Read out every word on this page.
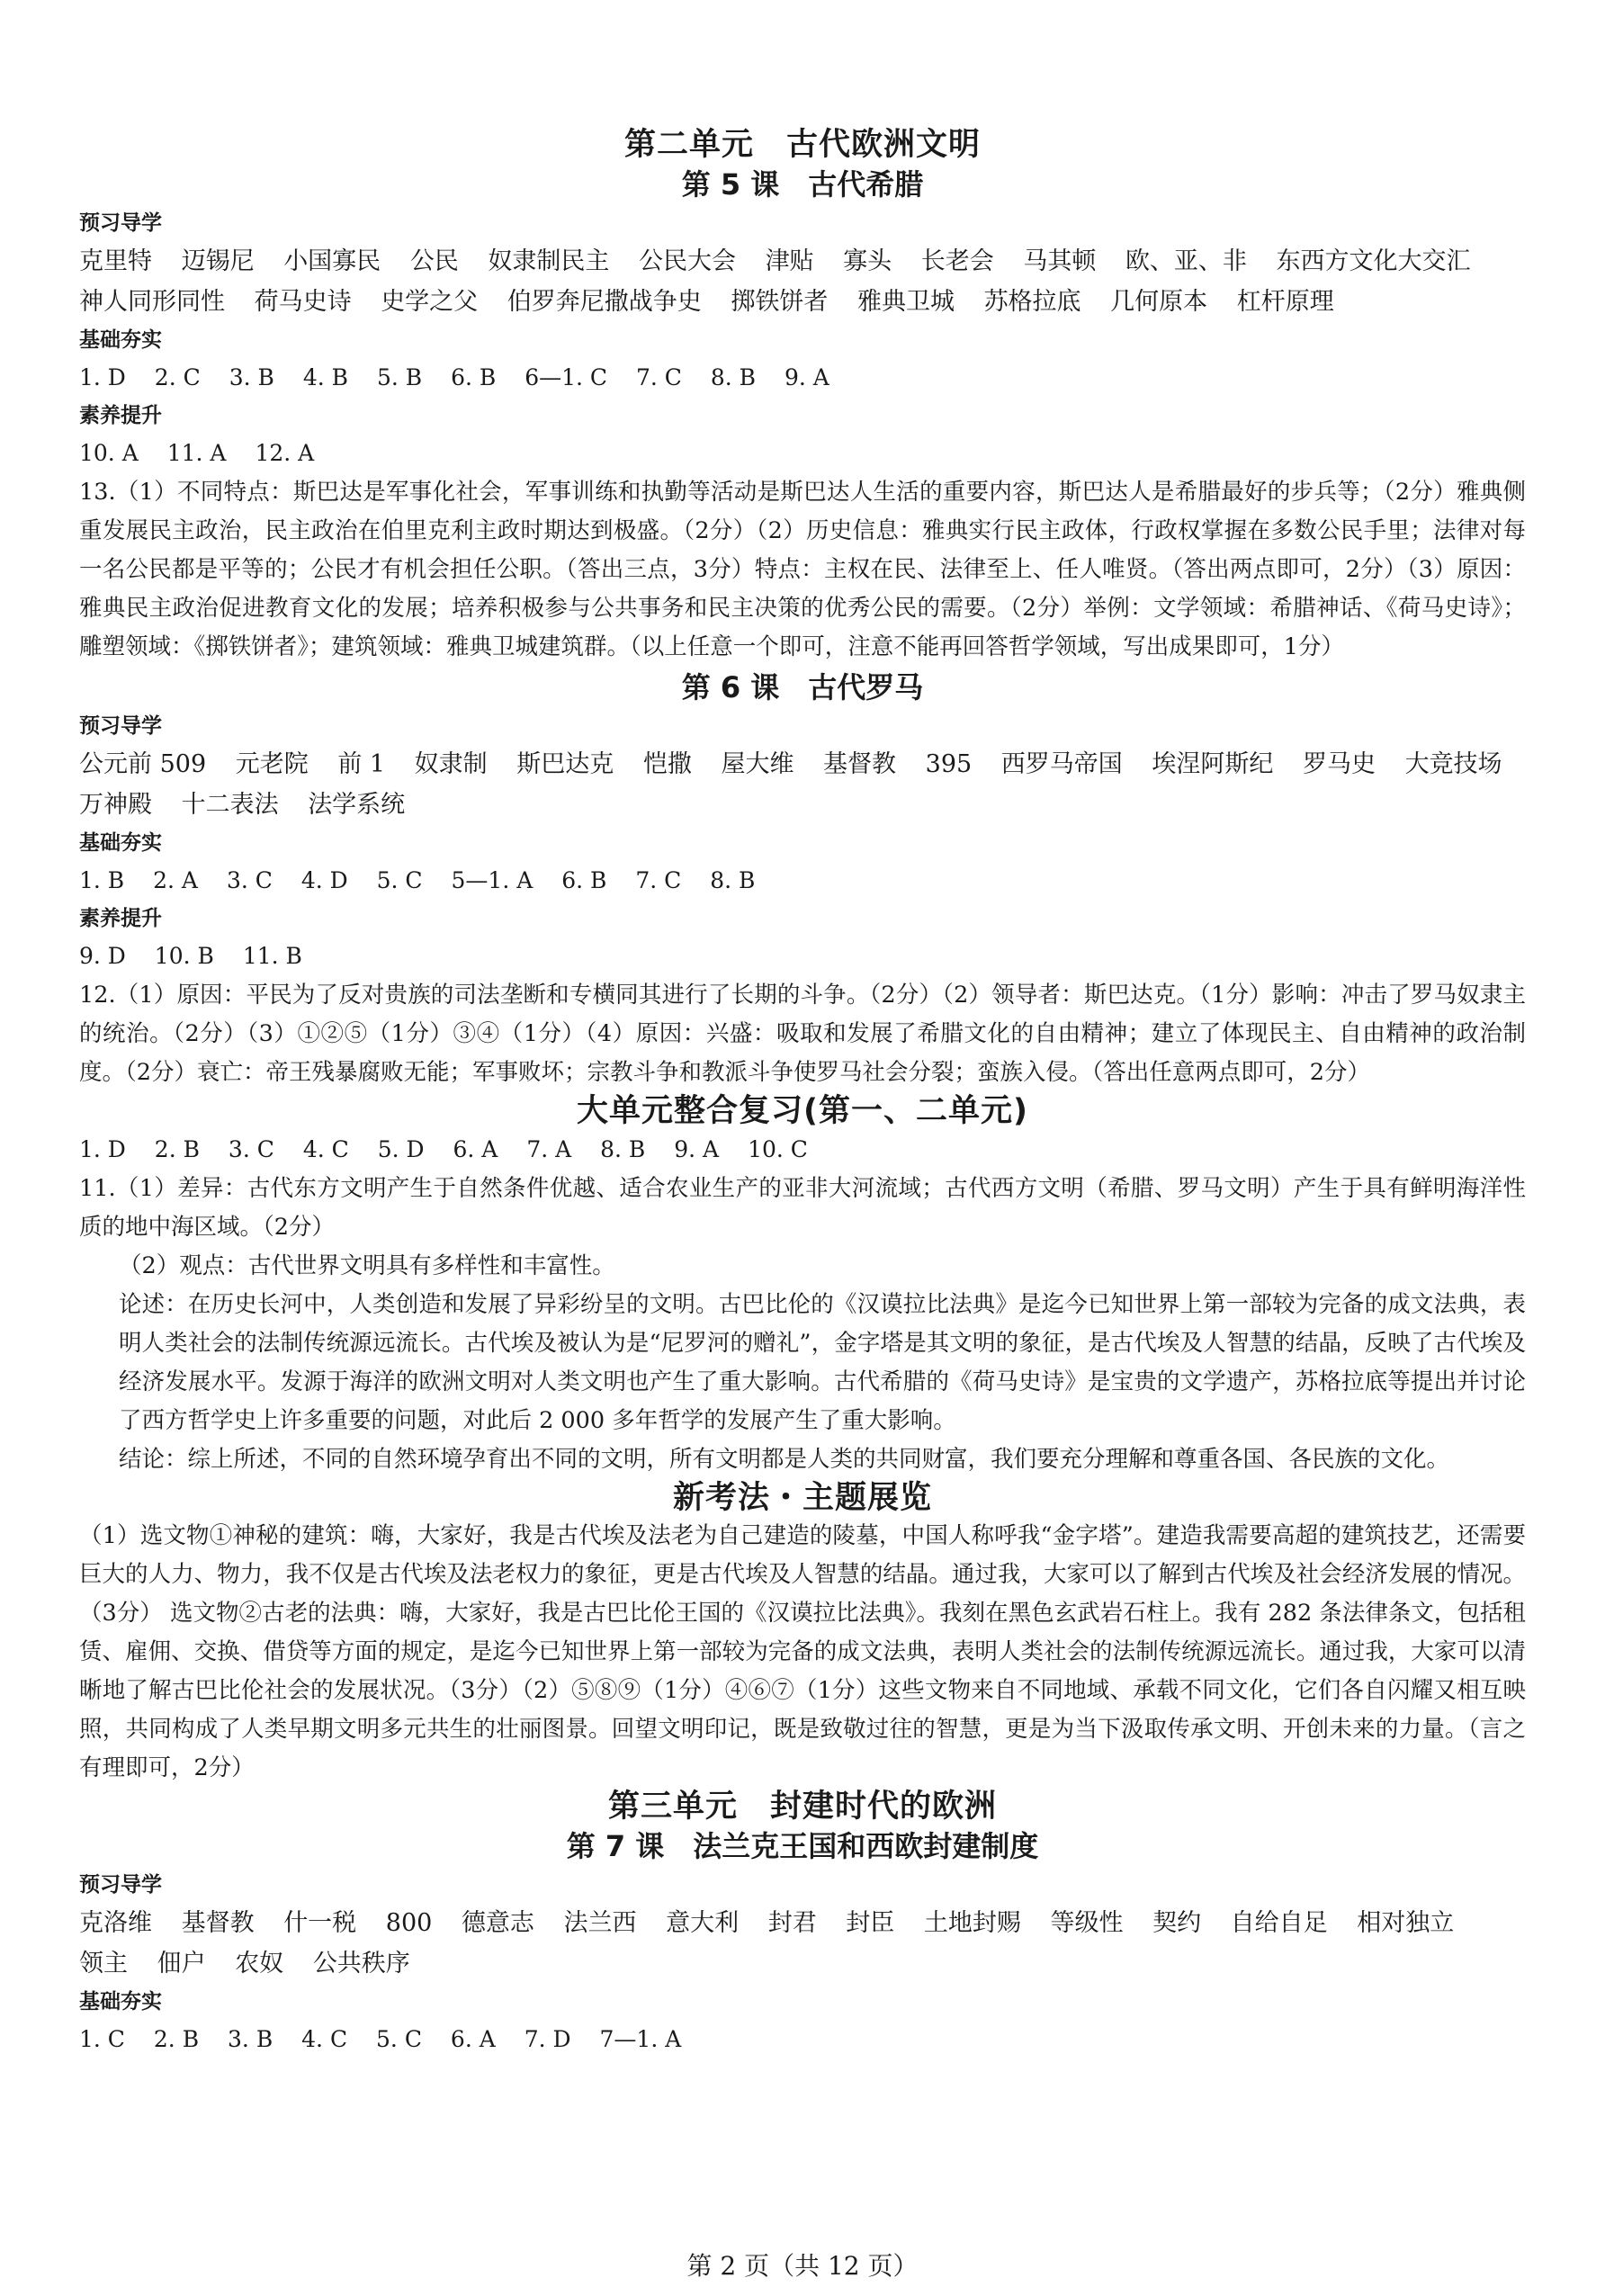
第二单元 古代欧洲文明
第 5 课 古代希腊

预习导学

克里特 迈锡尼 小国寡民 公民 奴隶制民主 公民大会 津贴 寡头 长老会 马其顿 欧、亚、非 东西方文化大交汇 神人同形同性 荷马史诗 史学之父 伯罗奔尼撒战争史 掷铁饼者 雅典卫城 苏格拉底 几何原本 杠杆原理

基础夯实

1. D 2. C 3. B 4. B 5. B 6. B 6—1. C 7. C 8. B 9. A

素养提升

10. A 11. A 12. A

13.（1）不同特点：斯巴达是军事化社会，军事训练和执勤等活动是斯巴达人生活的重要内容，斯巴达人是希腊最好的步兵等；（2分）雅典侧重发展民主政治，民主政治在伯里克利主政时期达到极盛。（2分）（2）历史信息：雅典实行民主政体，行政权掌握在多数公民手里；法律对每一名公民都是平等的；公民才有机会担任公职。（答出三点，3分）特点：主权在民、法律至上、任人唯贤。（答出两点即可，2分）（3）原因：雅典民主政治促进教育文化的发展；培养积极参与公共事务和民主决策的优秀公民的需要。（2分）举例：文学领域：希腊神话、《荷马史诗》；雕塑领域：《掷铁饼者》；建筑领域：雅典卫城建筑群。（以上任意一个即可，注意不能再回答哲学领域，写出成果即可，1分）

第 6 课 古代罗马

预习导学

公元前 509 元老院 前 1 奴隶制 斯巴达克 恺撒 屋大维 基督教 395 西罗马帝国 埃涅阿斯纪 罗马史 大竞技场 万神殿 十二表法 法学系统

基础夯实

1. B 2. A 3. C 4. D 5. C 5—1. A 6. B 7. C 8. B

素养提升

9. D 10. B 11. B

12.（1）原因：平民为了反对贵族的司法垄断和专横同其进行了长期的斗争。（2分）（2）领导者：斯巴达克。（1分）影响：冲击了罗马奴隶主的统治。（2分）（3）①②⑤（1分）③④（1分）（4）原因：兴盛：吸取和发展了希腊文化的自由精神；建立了体现民主、自由精神的政治制度。（2分）衰亡：帝王残暴腐败无能；军事败坏；宗教斗争和教派斗争使罗马社会分裂；蛮族入侵。（答出任意两点即可，2分）

大单元整合复习(第一、二单元)

1. D 2. B 3. C 4. C 5. D 6. A 7. A 8. B 9. A 10. C

11.（1）差异：古代东方文明产生于自然条件优越、适合农业生产的亚非大河流域；古代西方文明（希腊、罗马文明）产生于具有鲜明海洋性质的地中海区域。（2分）

（2）观点：古代世界文明具有多样性和丰富性。

论述：在历史长河中，人类创造和发展了异彩纷呈的文明。古巴比伦的《汉谟拉比法典》是迄今已知世界上第一部较为完备的成文法典，表明人类社会的法制传统源远流长。古代埃及被认为是“尼罗河的赠礼”，金字塔是其文明的象征，是古代埃及人智慧的结晶，反映了古代埃及经济发展水平。发源于海洋的欧洲文明对人类文明也产生了重大影响。古代希腊的《荷马史诗》是宝贵的文学遗产，苏格拉底等提出并讨论了西方哲学史上许多重要的问题，对此后 2 000 多年哲学的发展产生了重大影响。

结论：综上所述，不同的自然环境孕育出不同的文明，所有文明都是人类的共同财富，我们要充分理解和尊重各国、各民族的文化。

新考法・主题展览

（1）选文物①神秘的建筑：嗨，大家好，我是古代埃及法老为自己建造的陵墓，中国人称呼我“金字塔”。建造我需要高超的建筑技艺，还需要巨大的人力、物力，我不仅是古代埃及法老权力的象征，更是古代埃及人智慧的结晶。通过我，大家可以了解到古代埃及社会经济发展的情况。（3分） 选文物②古老的法典：嗨，大家好，我是古巴比伦王国的《汉谟拉比法典》。我刻在黑色玄武岩石柱上。我有 282 条法律条文，包括租赁、雇佣、交换、借贷等方面的规定，是迄今已知世界上第一部较为完备的成文法典，表明人类社会的法制传统源远流长。通过我，大家可以清晰地了解古巴比伦社会的发展状况。（3分）（2）⑤⑧⑨（1分）④⑥⑦（1分）这些文物来自不同地域、承载不同文化，它们各自闪耀又相互映照，共同构成了人类早期文明多元共生的壮丽图景。回望文明印记，既是致敬过往的智慧，更是为当下汲取传承文明、开创未来的力量。（言之有理即可，2分）

第三单元 封建时代的欧洲
第 7 课 法兰克王国和西欧封建制度

预习导学

克洛维 基督教 什一税 800 德意志 法兰西 意大利 封君 封臣 土地封赐 等级性 契约 自给自足 相对独立 领主 佃户 农奴 公共秩序

基础夯实

1. C 2. B 3. B 4. C 5. C 6. A 7. D 7—1. A

第 2 页（共 12 页）
